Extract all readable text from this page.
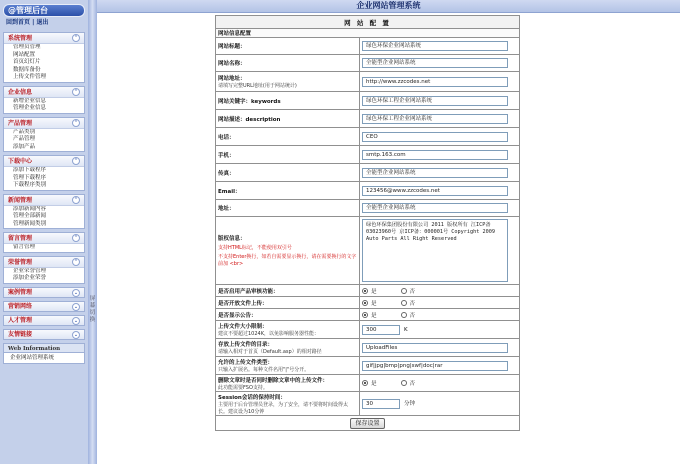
@管理后台
回到首页 | 退出
系统管理	⌃
管理员管理
网站配置
首页幻灯片
数据库备份
上传文件管理
企业信息	⌃
新增企业信息
管理企业信息
产品管理	⌃
产品类别
产品管理
添加产品
下载中心	⌃
添加下载程序
管理下载程序
下载程序类别
新闻管理	⌃
添加新闻内容
管理全部新闻
管理新闻类别
留言管理	⌃
留言管理
荣誉管理	⌃
企业荣誉管理
添加企业荣誉
案例管理	⌄
营销网络	⌄
人才管理	⌄
友情链接	⌄
Web Information
企业网站管理系统
屏幕切换
企业网站管理系统
网 站 配 置	
网站信息配置	
网站标题：	绿色环保企业网站系统
网站名称：	全能型企业网站系统
网站地址：
请填写完整URL地址(用于网站统计)	http://www.zzcodes.net
网站关键字：keywords	绿色环保工程企业网站系统
网站描述：description	绿色环保工程企业网站系统
电话：	CEO
手机：	smtp.163.com
传真：	全能型企业网站系统
Email：	123456@www.zzcodes.net
地址：	全能型企业网站系统
版权信息：
支持HTML标记，不能使用双引号
不支持Enter换行，如若自需要显示换行，请在需要换行的文字前加 <br>	绿色环保集团股份有限公司 2011 版权所有 江ICP备03023960号 京ICP备：000001号 Copyright 2009 Auto Parts All Right Reserved

是否启用产品审核功能：	是 否
是否开放文件上传：	是 否
是否显示公告：	是 否
上传文件大小限制：
建议不要超过1024K，以免影响服务器性能：	300 K
存放上传文件的目录：
请输入相对于首页（Default.asp）的相对路径	UploadFiles
允许的上传文件类型：
只输入扩展名。每种文件名用"|"号分开。	gif|jpg|bmp|png|swf|doc|rar
删除文章时是否同时删除文章中的上传文件：
此功能需要FSO支持。	是 否
Session会话的保持时间：
主要用于后台管理员登录，为了安全，请不要将时间设得太长。建议设为10分钟	30 分钟
保存设置	
